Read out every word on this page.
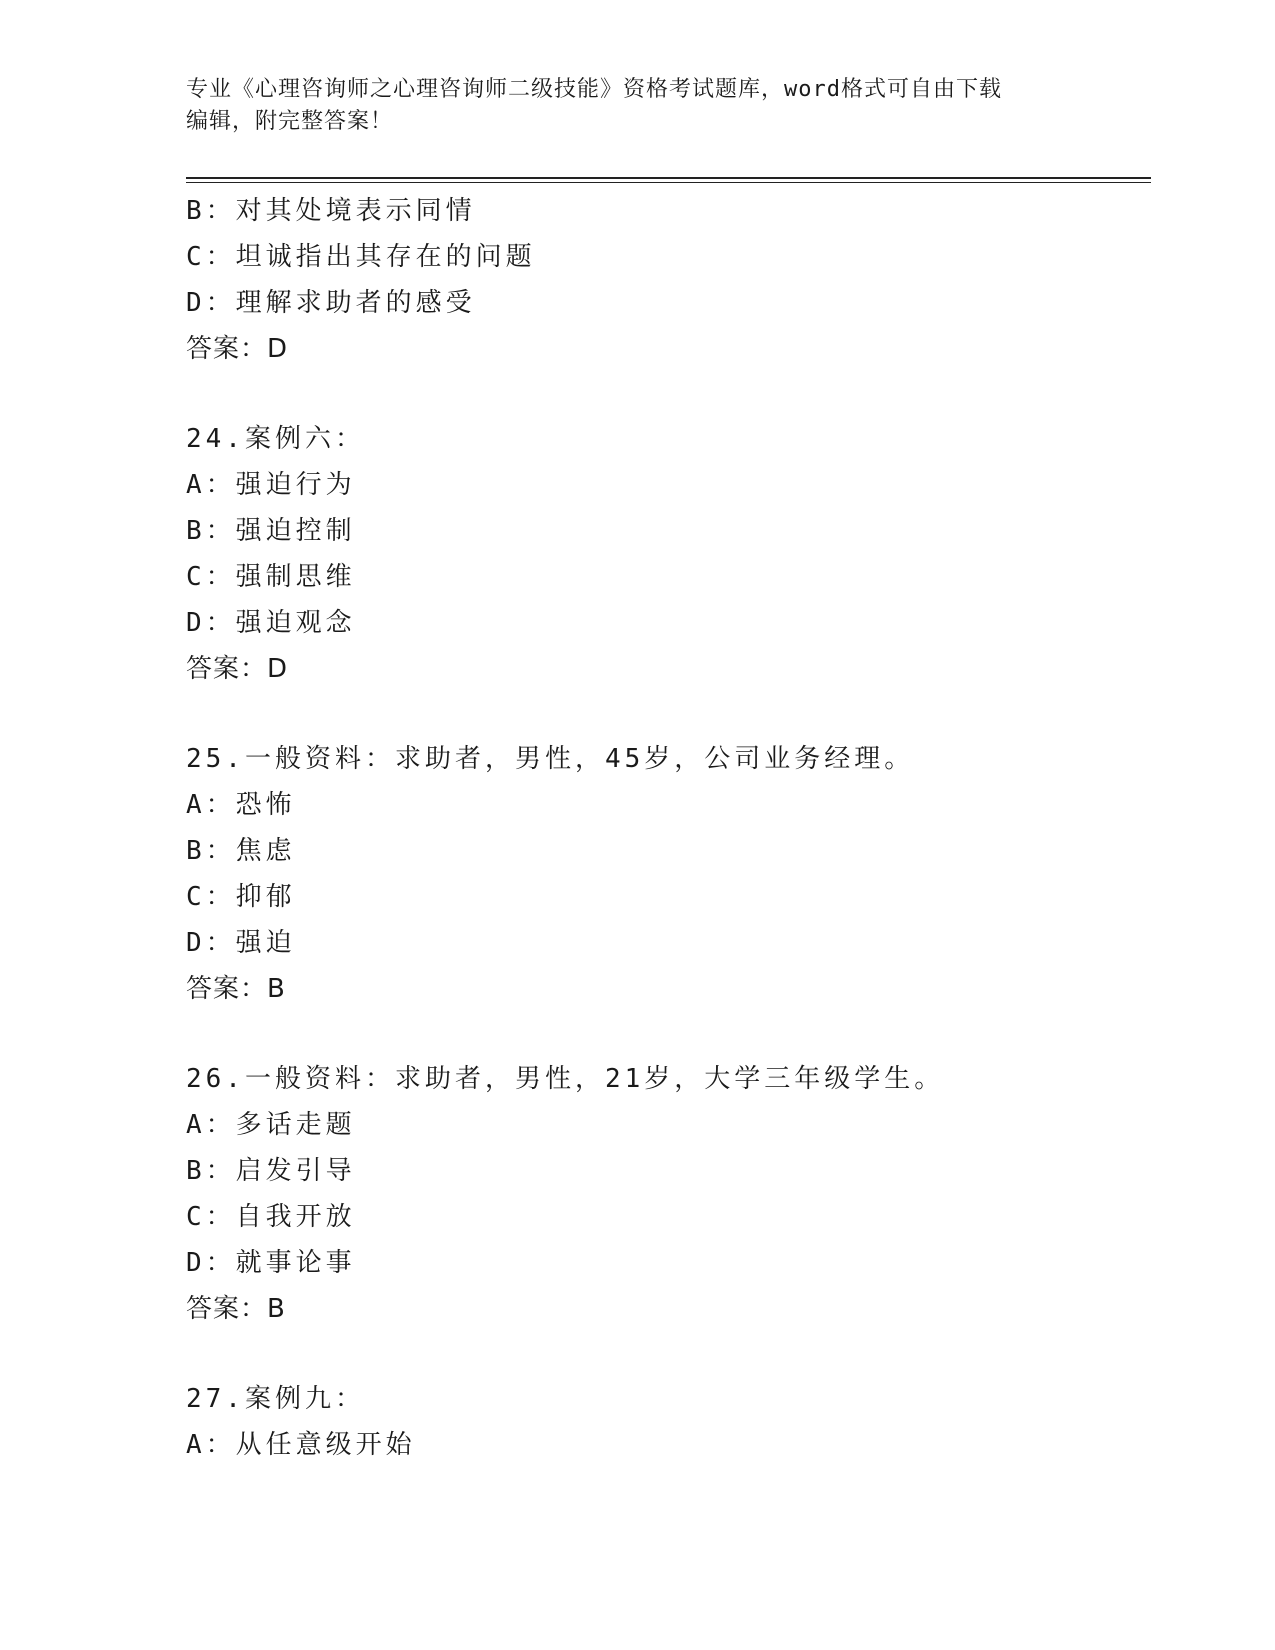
专业《心理咨询师之心理咨询师二级技能》资格考试题库，word格式可自由下载
编辑，附完整答案！
B：对其处境表示同情
C：坦诚指出其存在的问题
D：理解求助者的感受
答案：D
24.案例六：
A：强迫行为
B：强迫控制
C：强制思维
D：强迫观念
答案：D
25.一般资料：求助者，男性，45岁，公司业务经理。
A：恐怖
B：焦虑
C：抑郁
D：强迫
答案：B
26.一般资料：求助者，男性，21岁，大学三年级学生。
A：多话走题
B：启发引导
C：自我开放
D：就事论事
答案：B
27.案例九：
A：从任意级开始
